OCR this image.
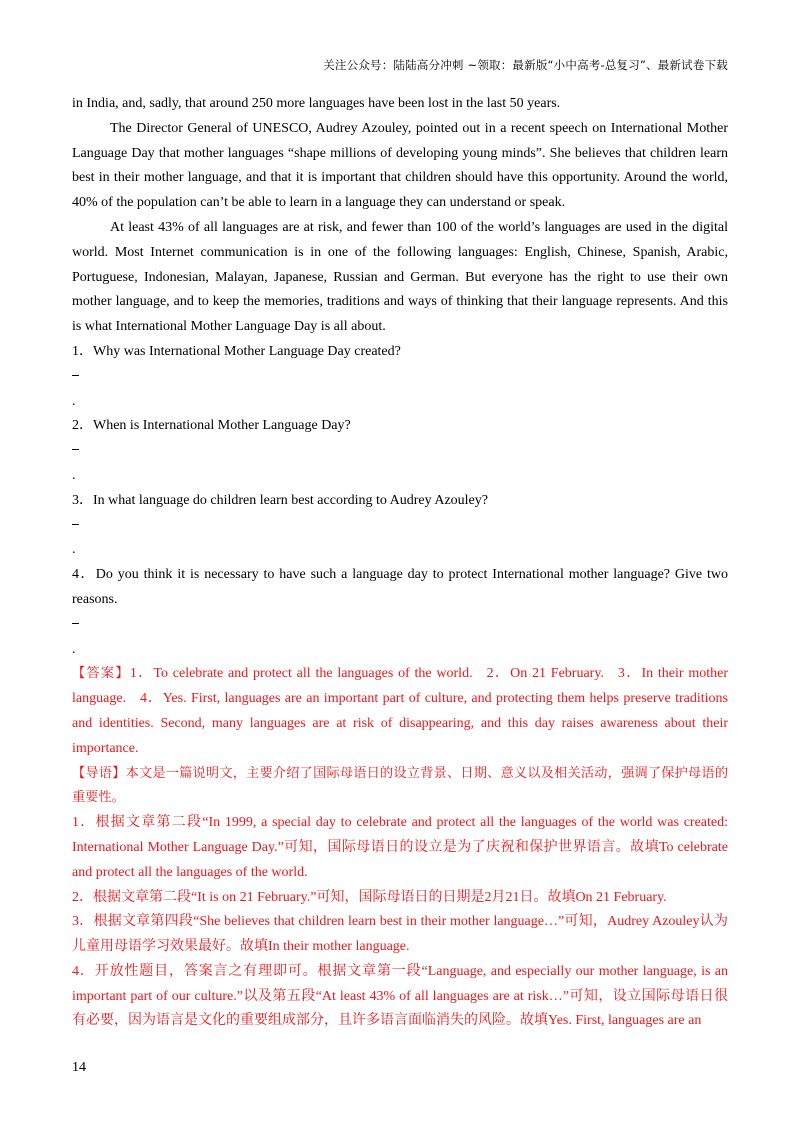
关注公众号：陆陆高分冲刺 ~领取：最新版“小中高考-总复习”、最新试卷下载

in India, and, sadly, that around 250 more languages have been lost in the last 50 years.

The Director General of UNESCO, Audrey Azouley, pointed out in a recent speech on International Mother Language Day that mother languages “shape millions of developing young minds”. She believes that children learn best in their mother language, and that it is important that children should have this opportunity. Around the world, 40% of the population can’t be able to learn in a language they can understand or speak.

At least 43% of all languages are at risk, and fewer than 100 of the world’s languages are used in the digital world. Most Internet communication is in one of the following languages: English, Chinese, Spanish, Arabic, Portuguese, Indonesian, Malayan, Japanese, Russian and German. But everyone has the right to use their own mother language, and to keep the memories, traditions and ways of thinking that their language represents. And this is what International Mother Language Day is all about.

1．Why was International Mother Language Day created?

.

2．When is International Mother Language Day?

.

3．In what language do children learn best according to Audrey Azouley?

.

4．Do you think it is necessary to have such a language day to protect International mother language? Give two reasons.

.

【答案】1．To celebrate and protect all the languages of the world. 2．On 21 February. 3．In their mother language. 4．Yes. First, languages are an important part of culture, and protecting them helps preserve traditions and identities. Second, many languages are at risk of disappearing, and this day raises awareness about their importance.

【导语】本文是一篇说明文，主要介绍了国际母语日的设立背景、日期、意义以及相关活动，强调了保护母语的重要性。

1．根据文章第二段“In 1999, a special day to celebrate and protect all the languages of the world was created: International Mother Language Day.”可知，国际母语日的设立是为了庆祝和保护世界语言。故填To celebrate and protect all the languages of the world.

2．根据文章第二段“It is on 21 February.”可知，国际母语日的日期是2月21日。故填On 21 February.

3．根据文章第四段“She believes that children learn best in their mother language…”可知，Audrey Azouley认为儿童用母语学习效果最好。故填In their mother language.

4．开放性题目，答案言之有理即可。根据文章第一段“Language, and especially our mother language, is an important part of our culture.”以及第五段“At least 43% of all languages are at risk…”可知，设立国际母语日很有必要，因为语言是文化的重要组成部分，且许多语言面临消失的风险。故填Yes. First, languages are an

14
